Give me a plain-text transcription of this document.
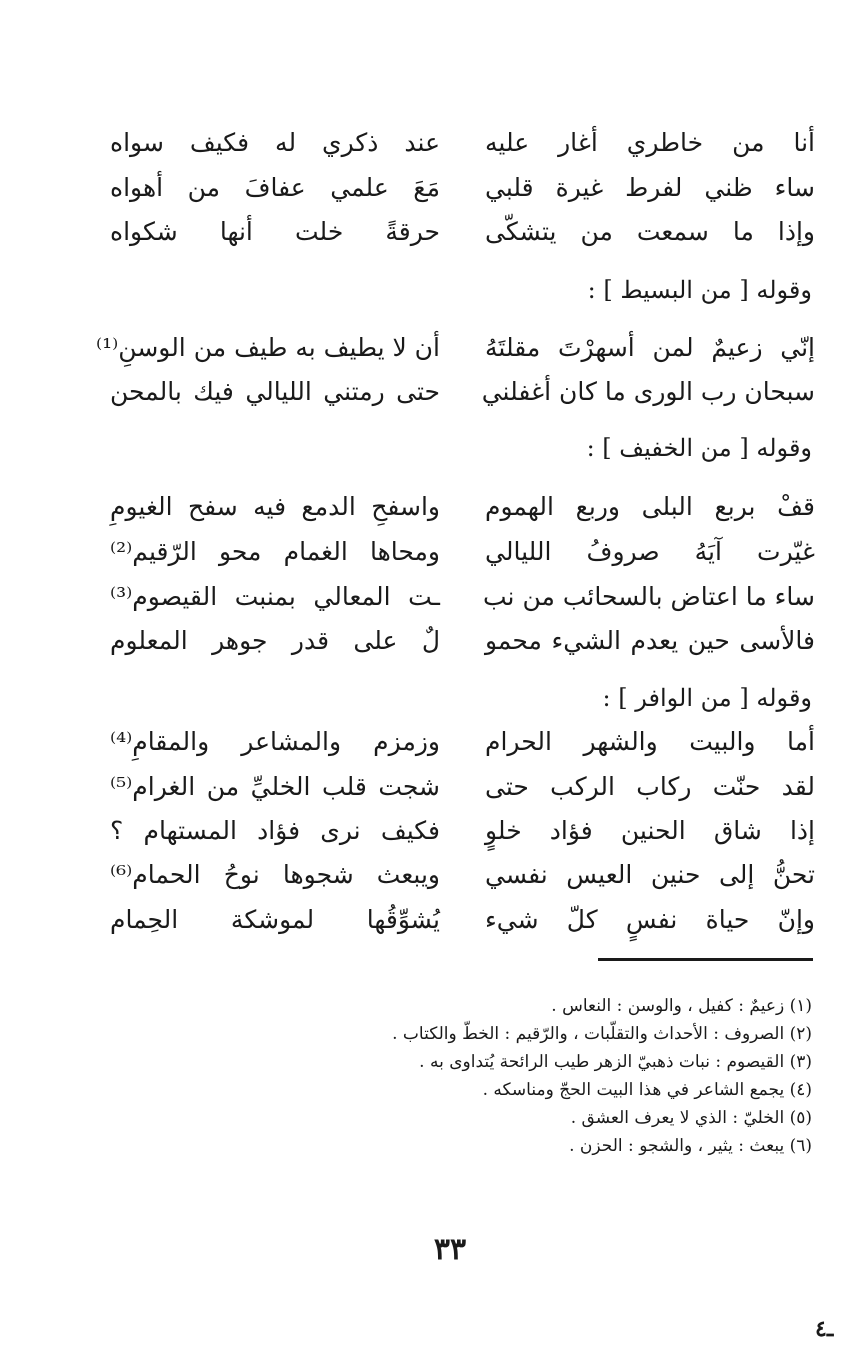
أنا من خاطري أغار عليه
عند ذكري له فكيف سواه
ساء ظني لفرط غيرة قلبي
مَعَ علمي عفافَ من أهواه
وإذا ما سمعت من يتشكّى
حرقةً خلت أنها شكواه
وقوله [ من البسيط ] :
إنّي زعيمٌ لمن أسهرْتَ مقلتَهُ
أن لا يطيف به طيف من الوسنِ⁽¹⁾
سبحان رب الورى ما كان أغفلني
حتى رمتني الليالي فيك بالمحن
وقوله [ من الخفيف ] :
قفْ بربع البلى وربع الهموم
واسفحِ الدمع فيه سفح الغيومِ
غيّرت آيَهُ صروفُ الليالي
ومحاها الغمام محو الرّقيم⁽²⁾
ساء ما اعتاض بالسحائب من نب
ـت المعالي بمنبت القيصوم⁽³⁾
فالأسى حين يعدم الشيء محمو
لٌ على قدر جوهر المعلوم
وقوله [ من الوافر ] :
أما والبيت والشهر الحرام
وزمزم والمشاعر والمقامِ⁽⁴⁾
لقد حنّت ركاب الركب حتى
شجت قلب الخليِّ من الغرام⁽⁵⁾
إذا شاق الحنين فؤاد خلوٍ
فكيف نرى فؤاد المستهام ؟
تحنُّ إلى حنين العيس نفسي
ويبعث شجوها نوحُ الحمام⁽⁶⁾
وإنّ حياة نفسٍ كلّ شيء
يُشوِّقُها لموشكة الحِمام
(١) زعيمٌ : كفيل ، والوسن : النعاس .
(٢) الصروف : الأحداث والتقلّبات ، والرّقيم : الخطّ والكتاب .
(٣) القيصوم : نبات ذهبيّ الزهر طيب الرائحة يُتداوى به .
(٤) يجمع الشاعر في هذا البيت الحجّ ومناسكه .
(٥) الخليّ : الذي لا يعرف العشق .
(٦) يبعث : يثير ، والشجو : الحزن .
٣٣
ـ٤
